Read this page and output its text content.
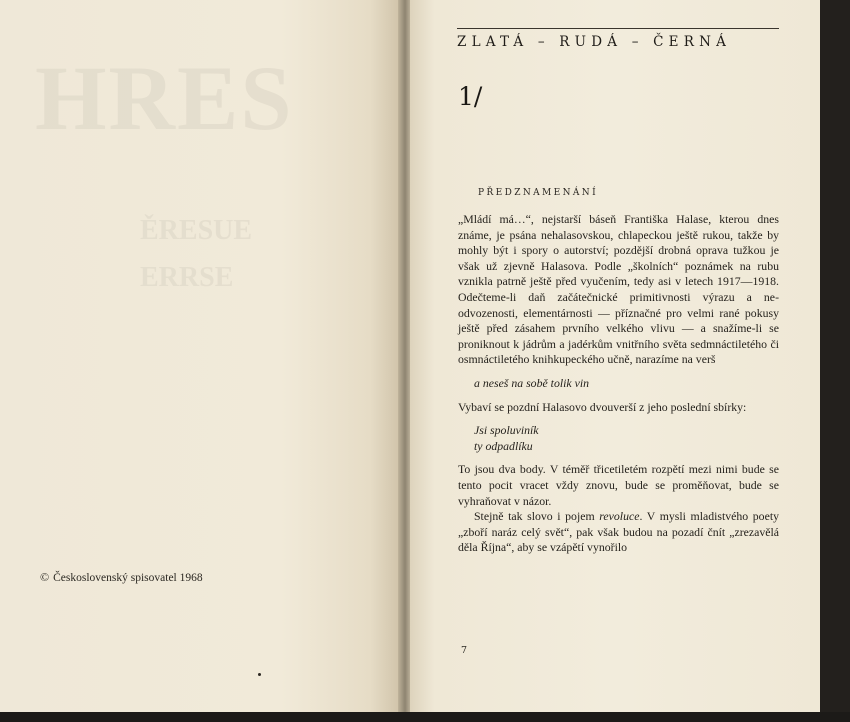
HRES
ĚRESUE
ERRSE
© Československý spisovatel 1968
ZLATÁ – RUDÁ – ČERNÁ
1/
PŘEDZNAMENÁNÍ

„Mládí má…“, nejstarší báseň Františka Halase, kterou dnes známe, je psána nehalasovskou, chlapeckou ještě rukou, takže by mohly být i spory o autorství; pozdější drobná oprava tužkou je však už zjevně Halasova. Podle „školních“ poznámek na rubu vznikla patrně ještě před vyučením, tedy asi v letech 1917—1918. Odečteme-li daň začátečnické primitivnosti výrazu a neodvozenosti, elementárnosti — příznačné pro velmi rané pokusy ještě před zásahem prvního velkého vlivu — a snažíme-li se proniknout k jádrům a jadérkům vnitřního světa sedmnáctiletého či osmnáctiletého knihkupeckého učně, narazíme na verš

a neseš na sobě tolik vin

Vybaví se pozdní Halasovo dvouverší z jeho poslední sbírky:

Jsi spoluviník
ty odpadlíku

To jsou dva body. V téměř třicetiletém rozpětí mezi nimi bude se tento pocit vracet vždy znovu, bude se proměňovat, bude se vyhraňovat v názor.

Stejně tak slovo i pojem revoluce. V mysli mladistvého poety „zboří naráz celý svět“, pak však budou na pozadí čnít „zrezavělá děla Října“, aby se vzápětí vynořilo

7
